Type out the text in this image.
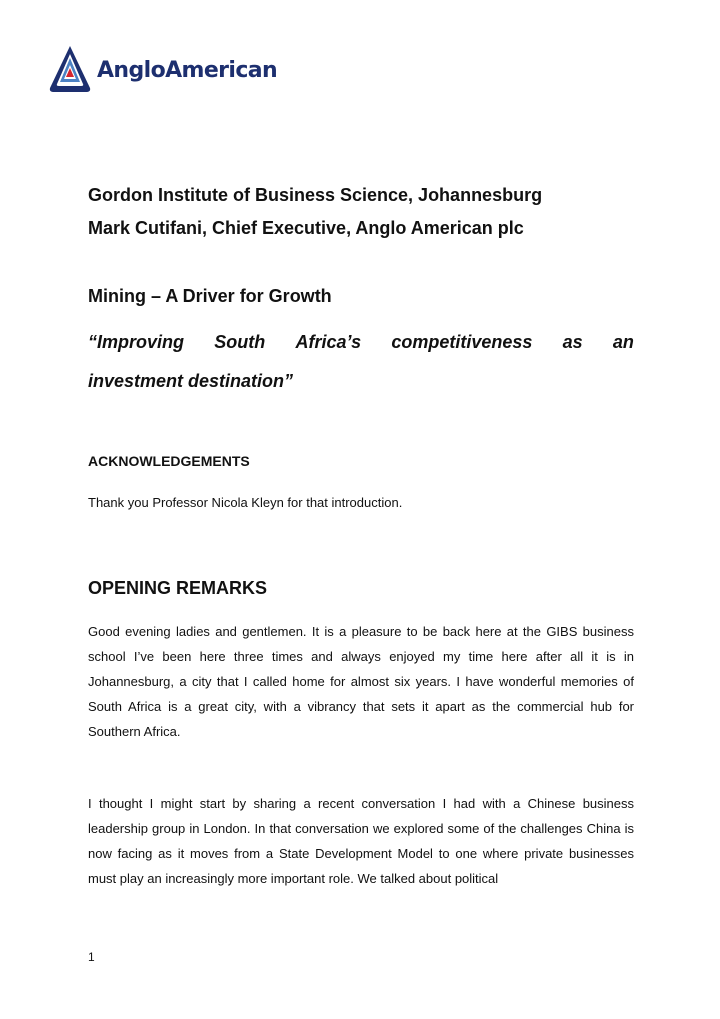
AngloAmerican
Gordon Institute of Business Science, Johannesburg
Mark Cutifani, Chief Executive, Anglo American plc
Mining – A Driver for Growth
“Improving South Africa’s competitiveness as an
investment destination”
ACKNOWLEDGEMENTS
Thank you Professor Nicola Kleyn for that introduction.
OPENING REMARKS
Good evening ladies and gentlemen. It is a pleasure to be back here at the GIBS business school I’ve been here three times and always enjoyed my time here after all it is in Johannesburg, a city that I called home for almost six years. I have wonderful memories of South Africa is a great city, with a vibrancy that sets it apart as the commercial hub for Southern Africa.
I thought I might start by sharing a recent conversation I had with a Chinese business leadership group in London. In that conversation we explored some of the challenges China is now facing as it moves from a State Development Model to one where private businesses must play an increasingly more important role. We talked about political
1
